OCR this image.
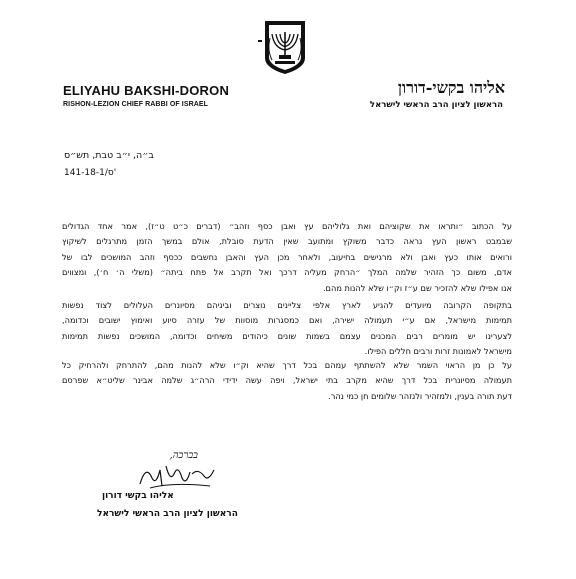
ELIYAHU BAKSHI-DORON
RISHON-LEZION CHIEF RABBI OF ISRAEL
אליהו בקשי-דורון
הראשון לציון הרב הראשי לישראל
ב״ה, י״ב טבת, תש״ס
ס/141-18-1'
על הכתוב ״ותראו את שקוציהם ואת גלוליהם עץ ואבן כסף וזהב״ (דברים כ״ט ט״ז), אמר אחד הגדולים
שבמבט ראשון העץ נראה כדבר משוקץ ומתועב שאין הדעת סובלת, אולם במשך הזמן מתרגלים לשיקוץ
ורואים אותו כעץ ואבן ולא מרגישים בחיעוב, ולאחר מכן העץ והאבן נחשבים ככסף וזהב המושכים לבו של
אדם, משום כך הזהיר שלמה המלך ״הרחק מעליה דרכך ואל תקרב אל פתח ביתה״ (משלי ה׳ ח׳), ומצווים
אנו אפילו שלא להזכיר שם ע״ז וק״ו שלא להנות מהם.
בתקופה הקרובה מיועדים להגיע לארץ אלפי צליינים נוצרים וביניהם מסיונרים העלולים לצוד נפשות
תמימות מישראל, אם ע״י תעמולה ישירה, ואם כמסגרות מוסוות של עזרה סיוע ואימוץ ישובים וכדומה,
לצערינו יש מומרים רבים המכנים עצמם בשמות שונים כיהודים משיחים וכדומה, המושכים נפשות תמימות
מישראל לאמונות זרות ורבים חללים הפילו.
על כן מן הראוי השמר שלא להשתתף עמהם בכל דרך שהיא וק״ו שלא להנות מהם, להתרחק ולהרחיק כל
תעמולה מסיונרית בכל דרך שהיא מקרב בתי ישראל, ויפה עשה ידידי הרה״ג שלמה אבינר שליט״א שפרסם
דעת תורה בענין, ולמזהיר ולנזהר שלומים חן כמי נהר.
בברכה,
אליהו בקשי דורון
הראשון לציון הרב הראשי לישראל
